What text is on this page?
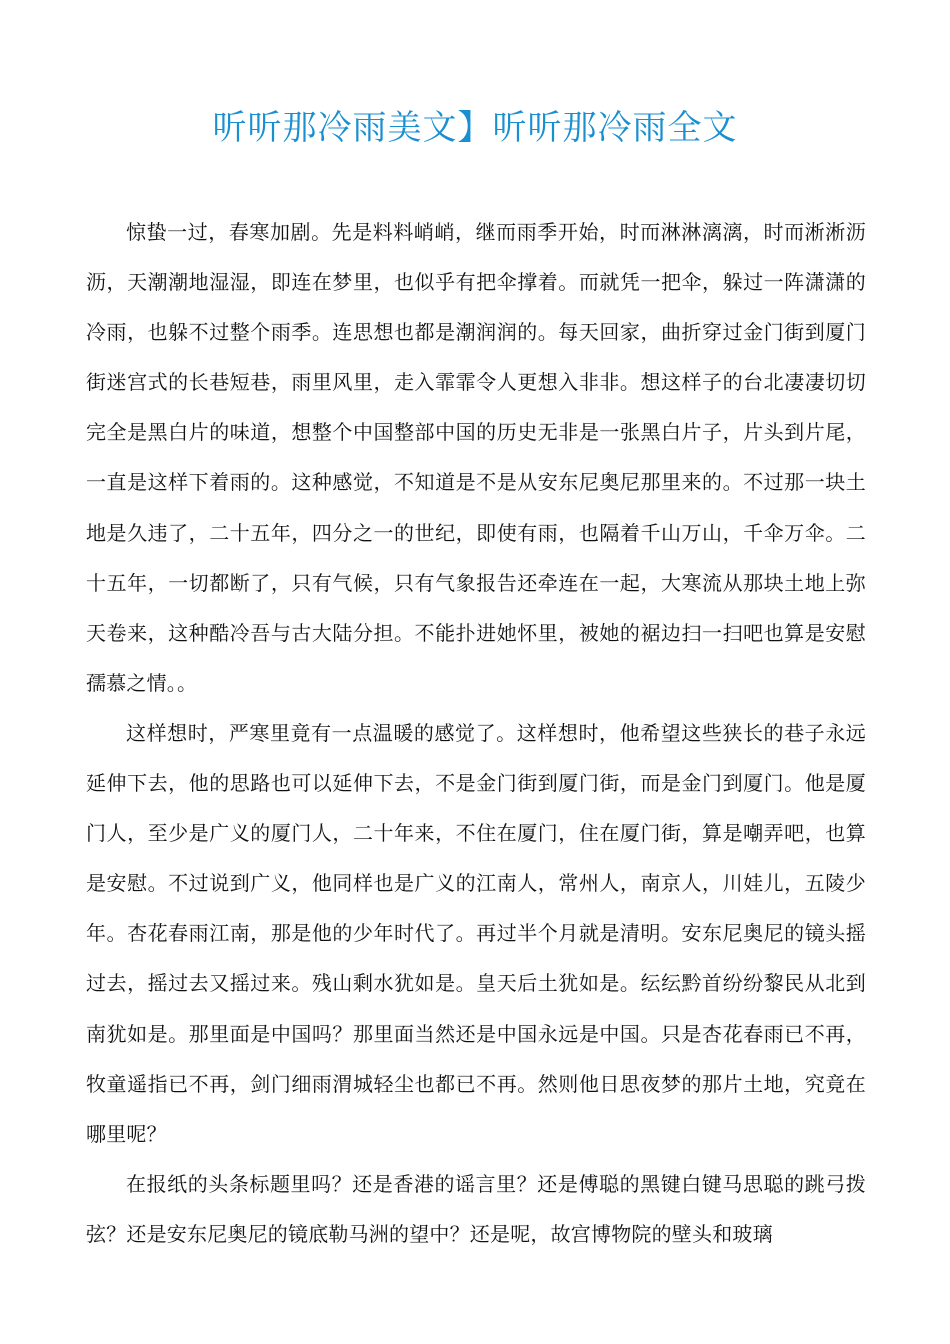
听听那冷雨美文】听听那冷雨全文

惊蛰一过，春寒加剧。先是料料峭峭，继而雨季开始，时而淋淋漓漓，时而淅淅沥沥，天潮潮地湿湿，即连在梦里，也似乎有把伞撑着。而就凭一把伞，躲过一阵潇潇的冷雨，也躲不过整个雨季。连思想也都是潮润润的。每天回家，曲折穿过金门街到厦门街迷宫式的长巷短巷，雨里风里，走入霏霏令人更想入非非。想这样子的台北凄凄切切完全是黑白片的味道，想整个中国整部中国的历史无非是一张黑白片子，片头到片尾，一直是这样下着雨的。这种感觉，不知道是不是从安东尼奥尼那里来的。不过那一块土地是久违了，二十五年，四分之一的世纪，即使有雨，也隔着千山万山，千伞万伞。二十五年，一切都断了，只有气候，只有气象报告还牵连在一起，大寒流从那块土地上弥天卷来，这种酷冷吾与古大陆分担。不能扑进她怀里，被她的裾边扫一扫吧也算是安慰孺慕之情。。

这样想时，严寒里竟有一点温暖的感觉了。这样想时，他希望这些狭长的巷子永远延伸下去，他的思路也可以延伸下去，不是金门街到厦门街，而是金门到厦门。他是厦门人，至少是广义的厦门人，二十年来，不住在厦门，住在厦门街，算是嘲弄吧，也算是安慰。不过说到广义，他同样也是广义的江南人，常州人，南京人，川娃儿，五陵少年。杏花春雨江南，那是他的少年时代了。再过半个月就是清明。安东尼奥尼的镜头摇过去，摇过去又摇过来。残山剩水犹如是。皇天后土犹如是。纭纭黔首纷纷黎民从北到南犹如是。那里面是中国吗？那里面当然还是中国永远是中国。只是杏花春雨已不再，牧童遥指已不再，剑门细雨渭城轻尘也都已不再。然则他日思夜梦的那片土地，究竟在哪里呢？

在报纸的头条标题里吗？还是香港的谣言里？还是傅聪的黑键白键马思聪的跳弓拨弦？还是安东尼奥尼的镜底勒马洲的望中？还是呢，故宫博物院的壁头和玻璃
